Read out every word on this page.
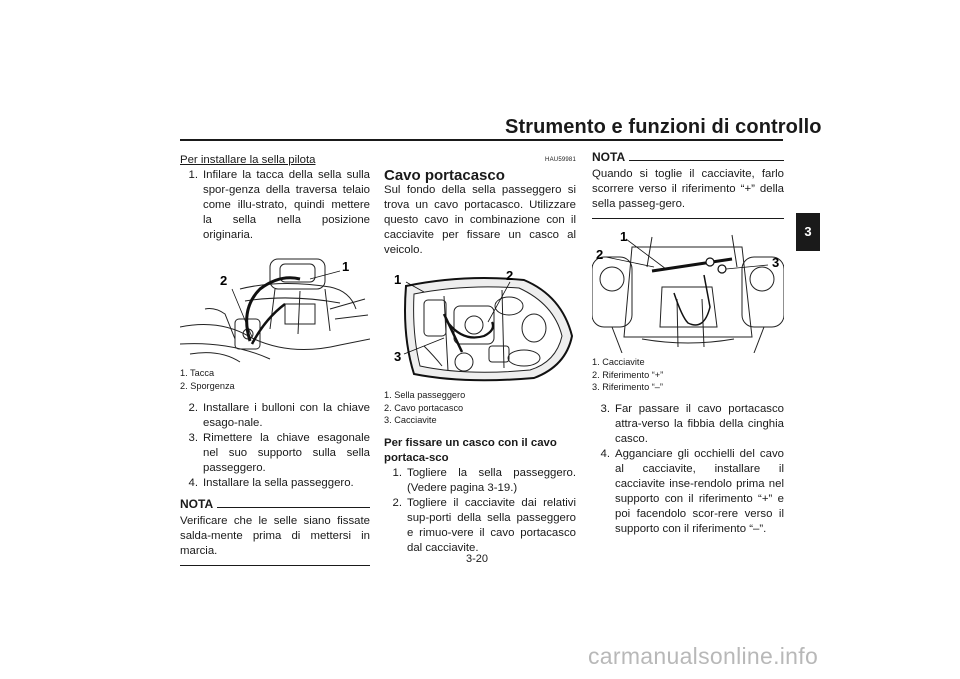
Strumento e funzioni di controllo
3

Per installare la sella pilota

1. Infilare la tacca della sella sulla spor-genza della traversa telaio come illu-strato, quindi mettere la sella nella posizione originaria.
2
1
1. Tacca
2. Sporgenza
2. Installare i bulloni con la chiave esago-nale.
3. Rimettere la chiave esagonale nel suo supporto sulla sella passeggero.
4. Installare la sella passeggero.
NOTA

Verificare che le selle siano fissate salda-mente prima di mettersi in marcia.

HAU59981

Cavo portacasco

Sul fondo della sella passeggero si trova un cavo portacasco. Utilizzare questo cavo in combinazione con il cacciavite per fissare un casco al veicolo.

1	2
3
1. Sella passeggero
2. Cavo portacasco
3. Cacciavite

Per fissare un casco con il cavo portaca-sco

1. Togliere la sella passeggero. (Vedere pagina 3-19.)
2. Togliere il cacciavite dai relativi sup-porti della sella passeggero e rimuo-vere il cavo portacasco dal cacciavite.
NOTA

Quando si toglie il cacciavite, farlo scorrere verso il riferimento “+” della sella passeg-gero.

1
2
3
1. Cacciavite
2. Riferimento “+”
3. Riferimento “–”
3. Far passare il cavo portacasco attra-verso la fibbia della cinghia casco.
4. Agganciare gli occhielli del cavo al cacciavite, installare il cacciavite inse-rendolo prima nel supporto con il riferimento “+” e poi facendolo scor-rere verso il supporto con il riferimento “–”.
3-20
carmanualsonline.info
